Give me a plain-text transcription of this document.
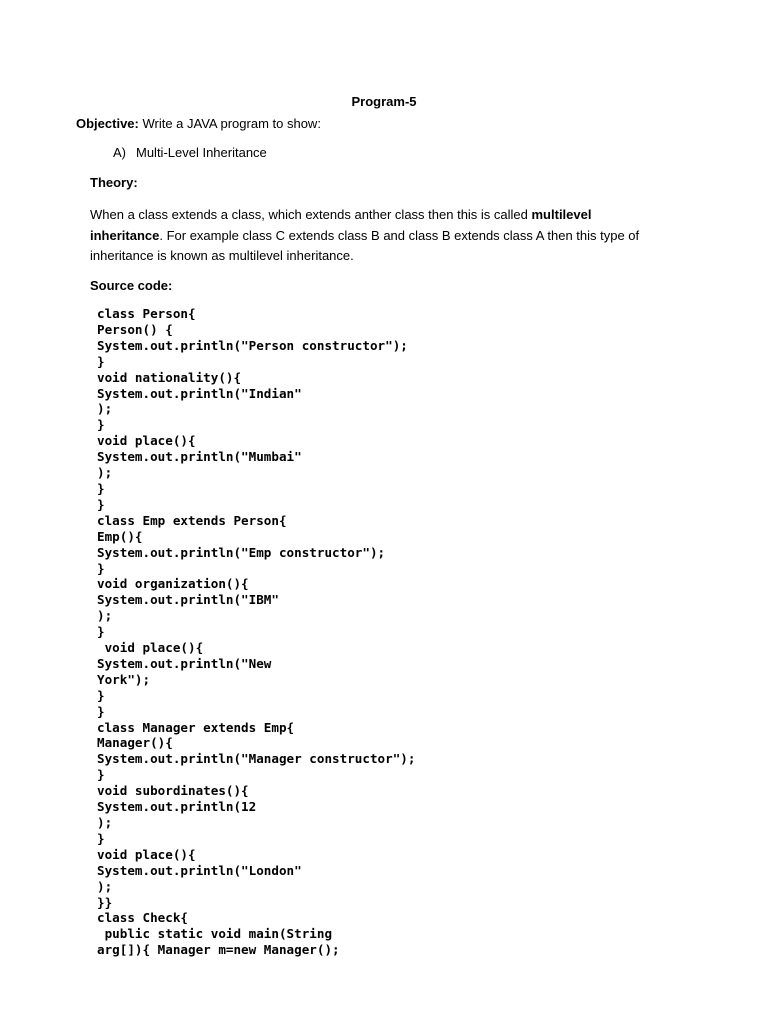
Program-5
Objective: Write a JAVA program to show:
A) Multi-Level Inheritance
Theory:
When a class extends a class, which extends anther class then this is called multilevel
inheritance. For example class C extends class B and class B extends class A then this type of
inheritance is known as multilevel inheritance.
Source code:
class Person{
Person() {
System.out.println("Person constructor");
}
void nationality(){
System.out.println("Indian"
);
}
void place(){
System.out.println("Mumbai"
);
}
}
class Emp extends Person{
Emp(){
System.out.println("Emp constructor");
}
void organization(){
System.out.println("IBM"
);
}
void place(){
System.out.println("New
York");
}
}
class Manager extends Emp{
Manager(){
System.out.println("Manager constructor");
}
void subordinates(){
System.out.println(12
);
}
void place(){
System.out.println("London"
);
}}
class Check{
public static void main(String
arg[]){ Manager m=new Manager();
